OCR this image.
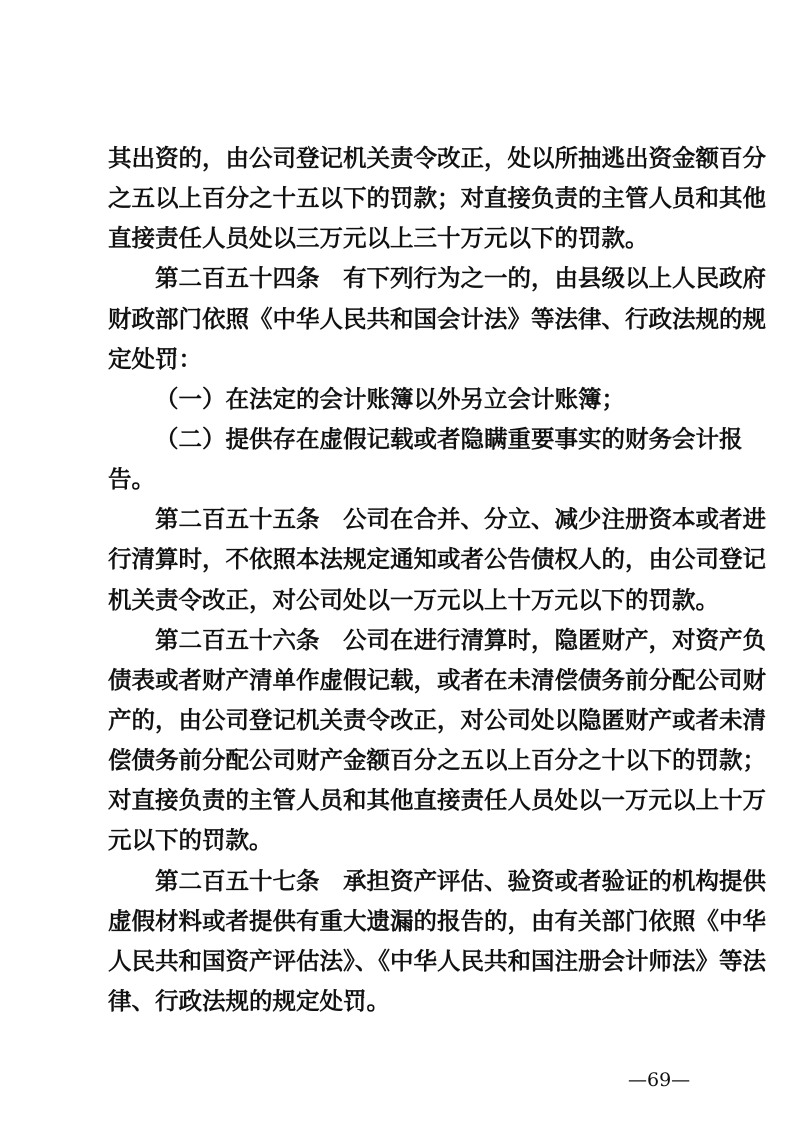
其出资的，由公司登记机关责令改正，处以所抽逃出资金额百分
之五以上百分之十五以下的罚款；对直接负责的主管人员和其他
直接责任人员处以三万元以上三十万元以下的罚款。
第二百五十四条　有下列行为之一的，由县级以上人民政府
财政部门依照《中华人民共和国会计法》等法律、行政法规的规
定处罚：
（一）在法定的会计账簿以外另立会计账簿；
（二）提供存在虚假记载或者隐瞒重要事实的财务会计报
告。
第二百五十五条　公司在合并、分立、减少注册资本或者进
行清算时，不依照本法规定通知或者公告债权人的，由公司登记
机关责令改正，对公司处以一万元以上十万元以下的罚款。
第二百五十六条　公司在进行清算时，隐匿财产，对资产负
债表或者财产清单作虚假记载，或者在未清偿债务前分配公司财
产的，由公司登记机关责令改正，对公司处以隐匿财产或者未清
偿债务前分配公司财产金额百分之五以上百分之十以下的罚款；
对直接负责的主管人员和其他直接责任人员处以一万元以上十万
元以下的罚款。
第二百五十七条　承担资产评估、验资或者验证的机构提供
虚假材料或者提供有重大遗漏的报告的，由有关部门依照《中华
人民共和国资产评估法》、《中华人民共和国注册会计师法》等法
律、行政法规的规定处罚。
—69—
